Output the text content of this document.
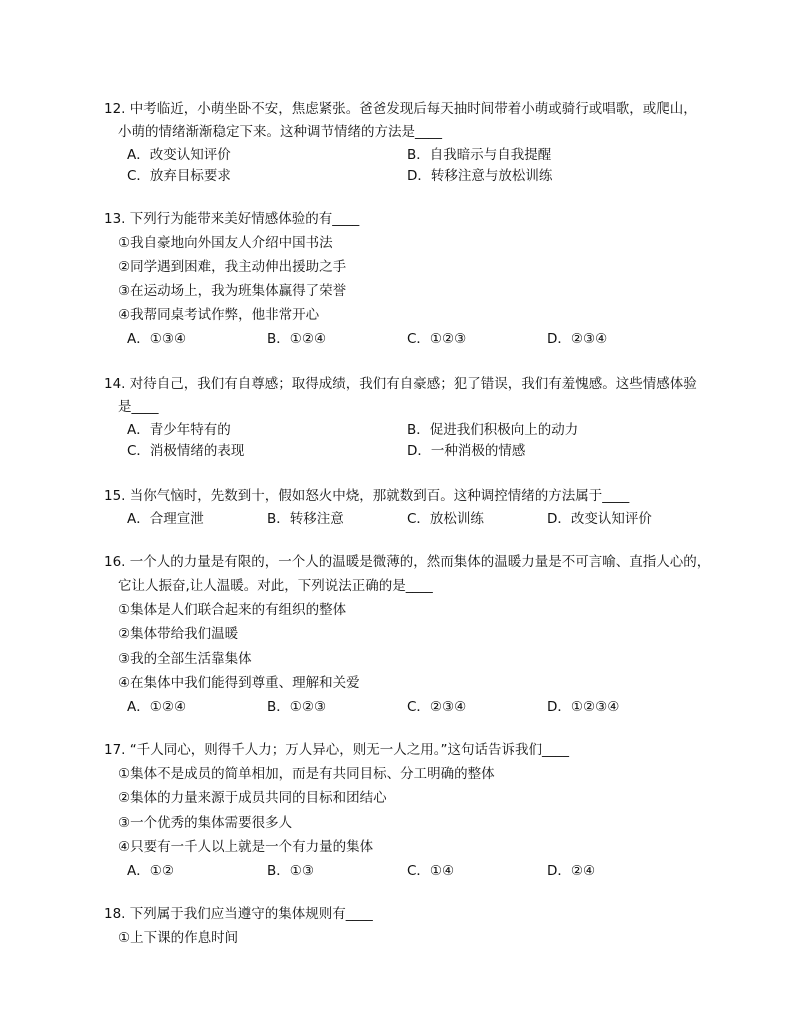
12. 中考临近，小萌坐卧不安，焦虑紧张。爸爸发现后每天抽时间带着小萌或骑行或唱歌，或爬山，
小萌的情绪渐渐稳定下来。这种调节情绪的方法是____
A．改变认知评价	B．自我暗示与自我提醒
C．放弃目标要求	D．转移注意与放松训练
13. 下列行为能带来美好情感体验的有____
①我自豪地向外国友人介绍中国书法
②同学遇到困难，我主动伸出援助之手
③在运动场上，我为班集体赢得了荣誉
④我帮同桌考试作弊，他非常开心
A．①③④	B．①②④	C．①②③	D．②③④
14. 对待自己，我们有自尊感；取得成绩，我们有自豪感；犯了错误，我们有羞愧感。这些情感体验
是____
A．青少年特有的	B．促进我们积极向上的动力
C．消极情绪的表现	D．一种消极的情感
15. 当你气恼时，先数到十，假如怒火中烧，那就数到百。这种调控情绪的方法属于____
A．合理宣泄	B．转移注意	C．放松训练	D．改变认知评价
16. 一个人的力量是有限的，一个人的温暖是微薄的，然而集体的温暖力量是不可言喻、直指人心的，
它让人振奋,让人温暖。对此，下列说法正确的是____
①集体是人们联合起来的有组织的整体
②集体带给我们温暖
③我的全部生活靠集体
④在集体中我们能得到尊重、理解和关爱
A．①②④	B．①②③	C．②③④	D．①②③④
17. “千人同心，则得千人力；万人异心，则无一人之用。”这句话告诉我们____
①集体不是成员的简单相加，而是有共同目标、分工明确的整体
②集体的力量来源于成员共同的目标和团结心
③一个优秀的集体需要很多人
④只要有一千人以上就是一个有力量的集体
A．①②	B．①③	C．①④	D．②④
18. 下列属于我们应当遵守的集体规则有____
①上下课的作息时间
